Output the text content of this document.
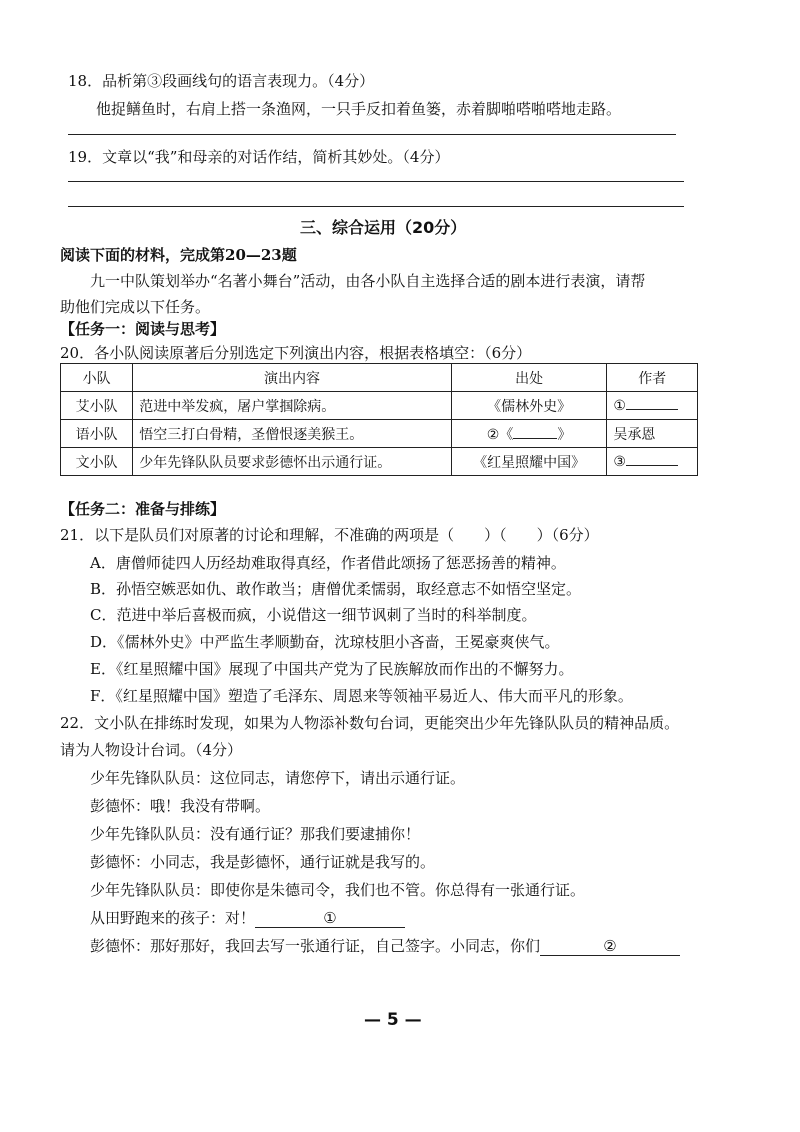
18．品析第③段画线句的语言表现力。（4分）
他捉鳝鱼时，右肩上搭一条渔网，一只手反扣着鱼篓，赤着脚啪嗒啪嗒地走路。
19．文章以“我”和母亲的对话作结，简析其妙处。（4分）
三、综合运用（20分）
阅读下面的材料，完成第20—23题
九一中队策划举办“名著小舞台”活动，由各小队自主选择合适的剧本进行表演，请帮
助他们完成以下任务。
【任务一：阅读与思考】
20．各小队阅读原著后分别选定下列演出内容，根据表格填空：（6分）
小队	演出内容	出处	作者
艾小队	范进中举发疯，屠户掌掴除病。	《儒林外史》	①
语小队	悟空三打白骨精，圣僧恨逐美猴王。	②《 》	吴承恩
文小队	少年先锋队队员要求彭德怀出示通行证。	《红星照耀中国》	③
【任务二：准备与排练】
21．以下是队员们对原著的讨论和理解，不准确的两项是（　　）（　　）（6分）
A．唐僧师徒四人历经劫难取得真经，作者借此颂扬了惩恶扬善的精神。
B．孙悟空嫉恶如仇、敢作敢当；唐僧优柔懦弱，取经意志不如悟空坚定。
C．范进中举后喜极而疯，小说借这一细节讽刺了当时的科举制度。
D．《儒林外史》中严监生孝顺勤奋，沈琼枝胆小吝啬，王冕豪爽侠气。
E．《红星照耀中国》展现了中国共产党为了民族解放而作出的不懈努力。
F．《红星照耀中国》塑造了毛泽东、周恩来等领袖平易近人、伟大而平凡的形象。
22．文小队在排练时发现，如果为人物添补数句台词，更能突出少年先锋队队员的精神品质。
请为人物设计台词。（4分）
少年先锋队队员：这位同志，请您停下，请出示通行证。
彭德怀：哦！我没有带啊。
少年先锋队队员：没有通行证？那我们要逮捕你！
彭德怀：小同志，我是彭德怀，通行证就是我写的。
少年先锋队队员：即使你是朱德司令，我们也不管。你总得有一张通行证。
从田野跑来的孩子：对！	①
彭德怀：那好那好，我回去写一张通行证，自己签字。小同志，你们	②
— 5 —
